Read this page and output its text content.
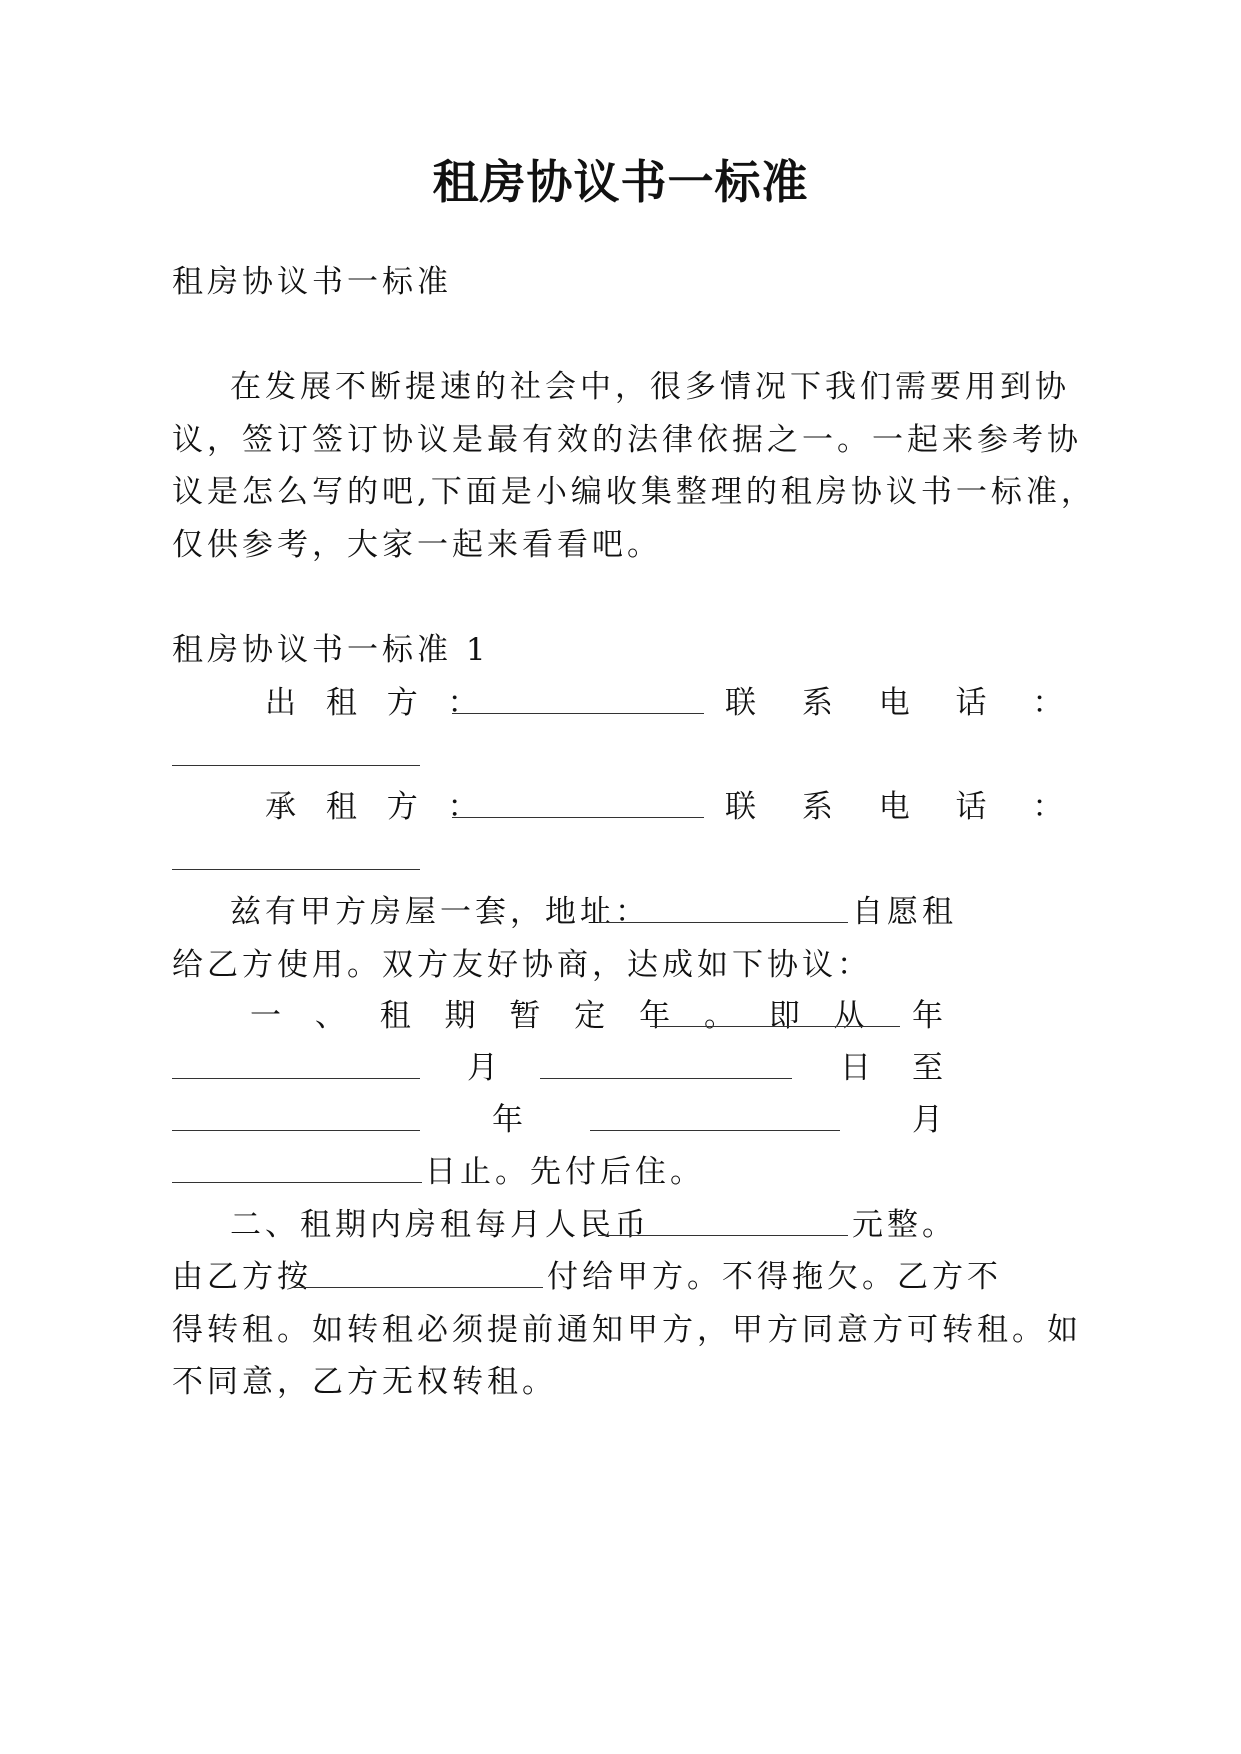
租房协议书一标准
租房协议书一标准
在发展不断提速的社会中，很多情况下我们需要用到协
议，签订签订协议是最有效的法律依据之一。一起来参考协
议是怎么写的吧,下面是小编收集整理的租房协议书一标准，
仅供参考，大家一起来看看吧。
租房协议书一标准 1
出 租 方 ：	联 系 电 话 ：
承 租 方 ：	联 系 电 话 ：
兹有甲方房屋一套，地址：	自愿租
给乙方使用。双方友好协商，达成如下协议：
一 、 租 期 暂 定 年 。 即 从 年
月	日 至
年	月
日止。先付后住。
二、租期内房租每月人民币	元整。
由乙方按	付给甲方。不得拖欠。乙方不
得转租。如转租必须提前通知甲方，甲方同意方可转租。如
不同意，乙方无权转租。
